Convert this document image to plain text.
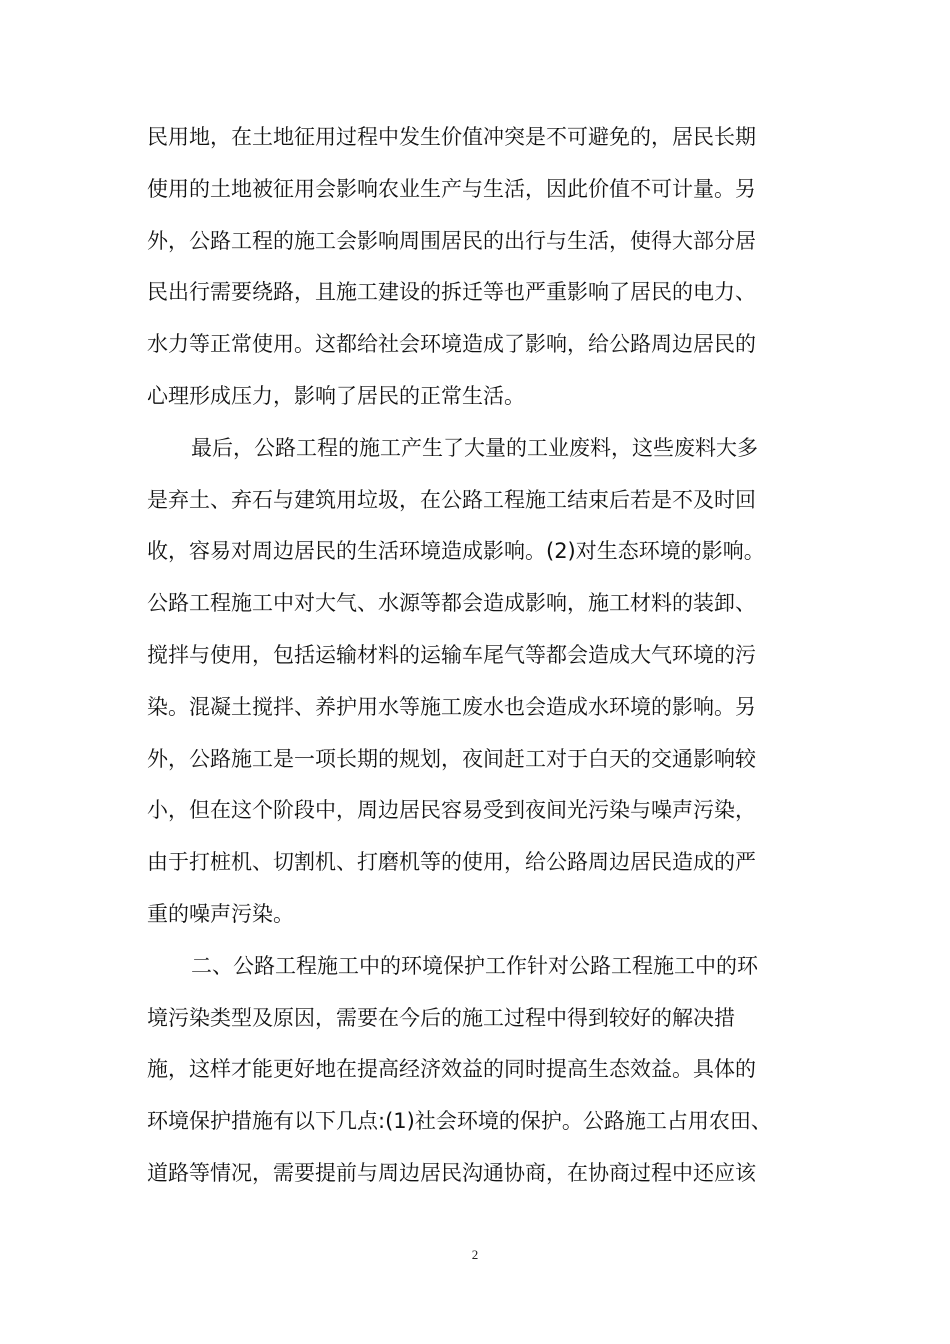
民用地，在土地征用过程中发生价值冲突是不可避免的，居民长期
使用的土地被征用会影响农业生产与生活，因此价值不可计量。另
外，公路工程的施工会影响周围居民的出行与生活，使得大部分居
民出行需要绕路，且施工建设的拆迁等也严重影响了居民的电力、
水力等正常使用。这都给社会环境造成了影响，给公路周边居民的
心理形成压力，影响了居民的正常生活。
最后，公路工程的施工产生了大量的工业废料，这些废料大多
是弃土、弃石与建筑用垃圾，在公路工程施工结束后若是不及时回
收，容易对周边居民的生活环境造成影响。(2)对生态环境的影响。
公路工程施工中对大气、水源等都会造成影响，施工材料的装卸、
搅拌与使用，包括运输材料的运输车尾气等都会造成大气环境的污
染。混凝土搅拌、养护用水等施工废水也会造成水环境的影响。另
外，公路施工是一项长期的规划，夜间赶工对于白天的交通影响较
小，但在这个阶段中，周边居民容易受到夜间光污染与噪声污染，
由于打桩机、切割机、打磨机等的使用，给公路周边居民造成的严
重的噪声污染。
二、公路工程施工中的环境保护工作针对公路工程施工中的环
境污染类型及原因，需要在今后的施工过程中得到较好的解决措
施，这样才能更好地在提高经济效益的同时提高生态效益。具体的
环境保护措施有以下几点:(1)社会环境的保护。公路施工占用农田、
道路等情况，需要提前与周边居民沟通协商，在协商过程中还应该
2
